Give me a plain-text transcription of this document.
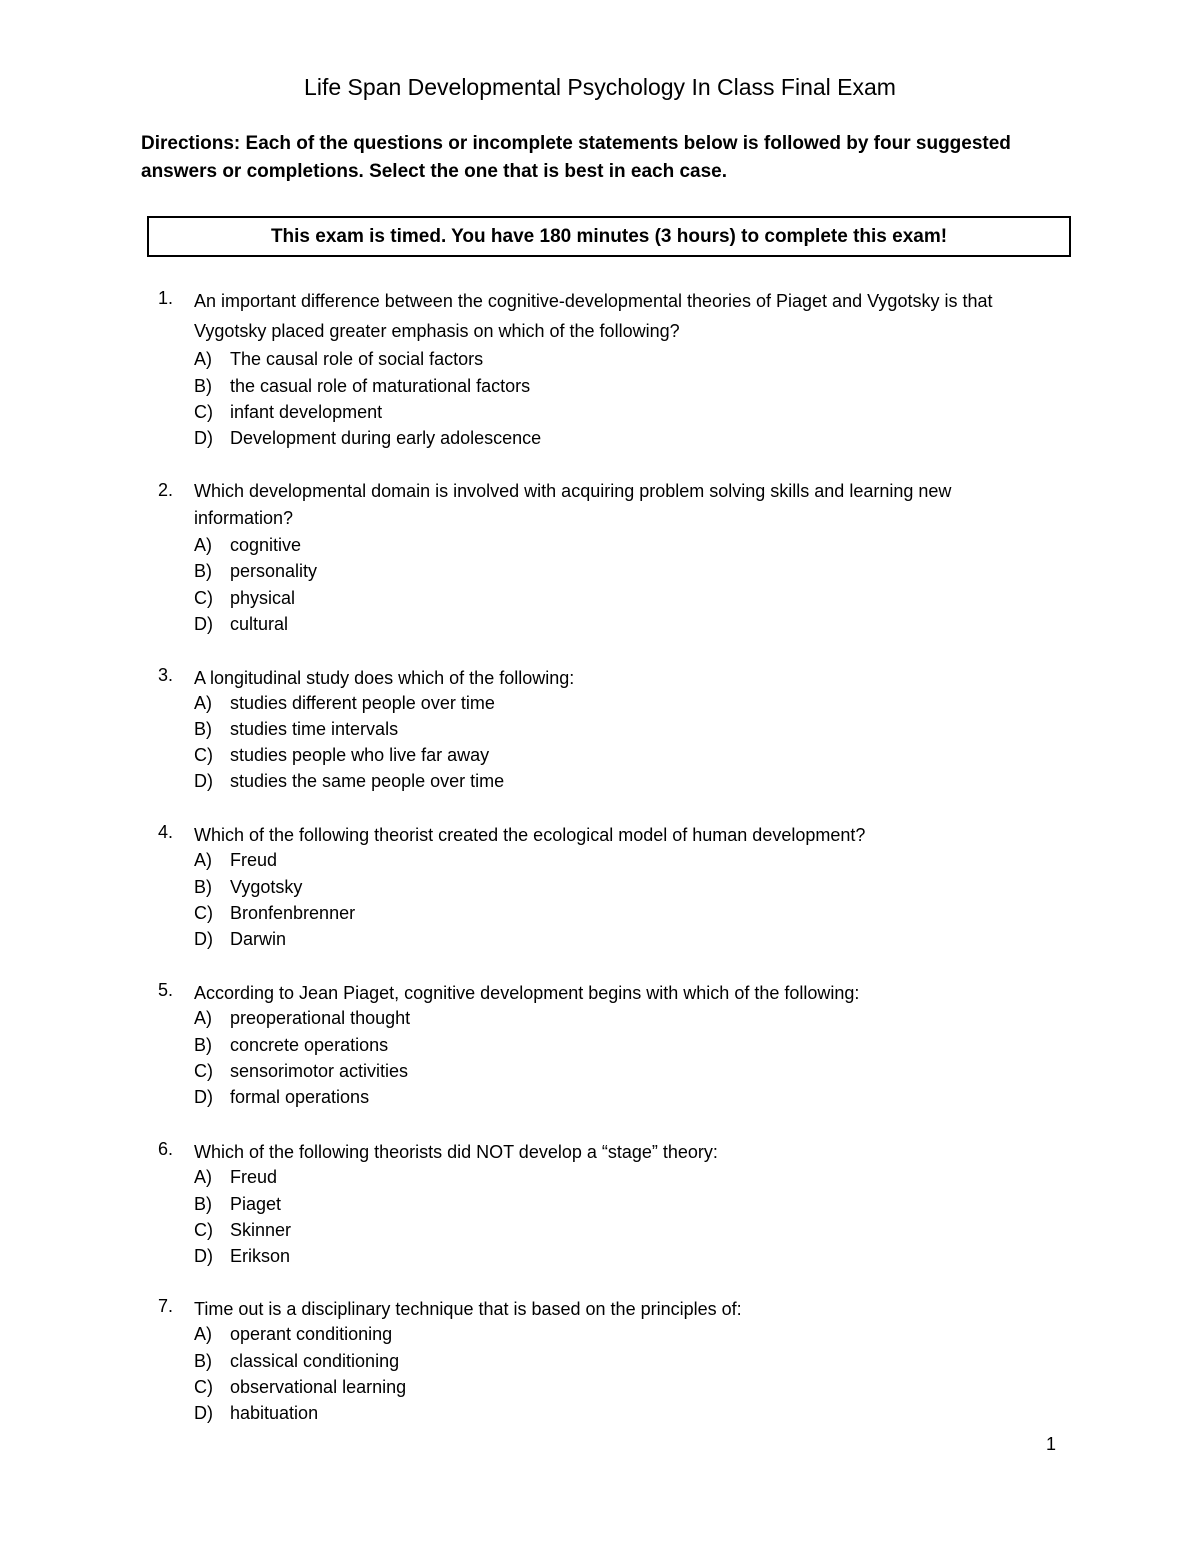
Life Span Developmental Psychology In Class Final Exam
Directions: Each of the questions or incomplete statements below is followed by four suggested answers or completions. Select the one that is best in each case.
This exam is timed. You have 180 minutes (3 hours) to complete this exam!
1.	An important difference between the cognitive-developmental theories of Piaget and Vygotsky is that Vygotsky placed greater emphasis on which of the following?
A) The causal role of social factors
B) the casual role of maturational factors
C) infant development
D) Development during early adolescence
2.	Which developmental domain is involved with acquiring problem solving skills and learning new information?
A) cognitive
B) personality
C) physical
D) cultural
3.	A longitudinal study does which of the following:
A) studies different people over time
B) studies time intervals
C) studies people who live far away
D) studies the same people over time
4.	Which of the following theorist created the ecological model of human development?
A) Freud
B) Vygotsky
C) Bronfenbrenner
D) Darwin
5.	According to Jean Piaget, cognitive development begins with which of the following:
A) preoperational thought
B) concrete operations
C) sensorimotor activities
D) formal operations
6.	Which of the following theorists did NOT develop a “stage” theory:
A) Freud
B) Piaget
C) Skinner
D) Erikson
7.	Time out is a disciplinary technique that is based on the principles of:
A) operant conditioning
B) classical conditioning
C) observational learning
D) habituation
1
